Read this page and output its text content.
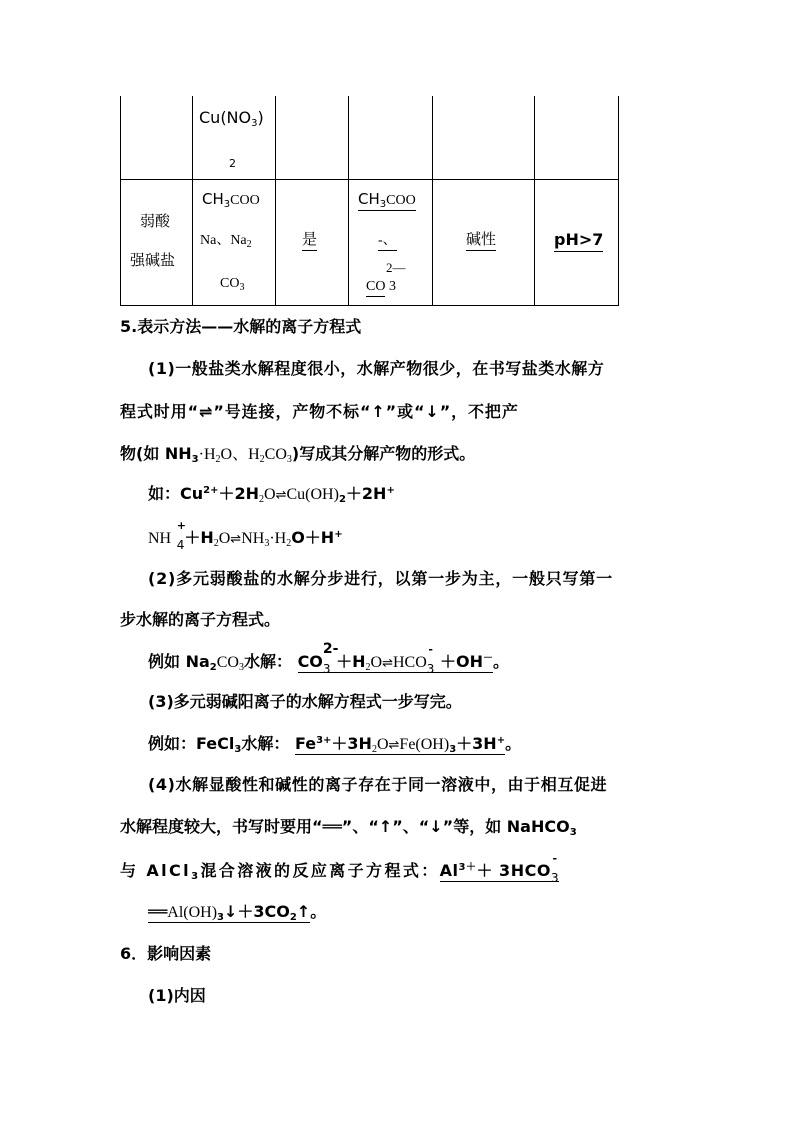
$Cu(NO_3)$
2
弱酸
强碱盐
$CH_3COO$
Na、$Na_2$
$CO_3$
是
$CH_3COO$
-、
2—
CO 3
碱性	pH>7
5.表示方法——水解的离子方程式
(1)一般盐类水解程度很小，水解产物很少，在书写盐类水解方
程式时用“⇌”号连接，产物不标“↑”或“↓”，不把产
物(如 $NH_3\cdot H_2O$、$H_2CO_3$)写成其分解产物的形式。
如：$Cu^{2+}+2H_2O\rightleftharpoons Cu(OH)_2+2H^+$
NH
+
$_4+H_2O\rightleftharpoons NH_3\cdot H_2O+H^+$
(2)多元弱酸盐的水解分步进行，以第一步为主，一般只写第一
步水解的离子方程式。
例如 $Na_2CO_3$水解： CO
2-
$_3 +H_2O\rightleftharpoons HCO$
-
$_3$ ＋OH－。
(3)多元弱碱阳离子的水解方程式一步写完。
例如：FeCl$_3$水解： $Fe^{3+}+3H_2O\rightleftharpoons Fe(OH)_3+3H^+$。
(4)水解显酸性和碱性的离子存在于同一溶液中，由于相互促进
水解程度较大，书写时要用“══”、“↑”、“↓”等，如 NaHCO$_3$
与 AlCl$_3$混合溶液的反应离子方程式：$Al^{3+}+ 3HCO$
-
$_3$
$══Al(OH)_3↓+3CO_2↑$。
6．影响因素
(1)内因
